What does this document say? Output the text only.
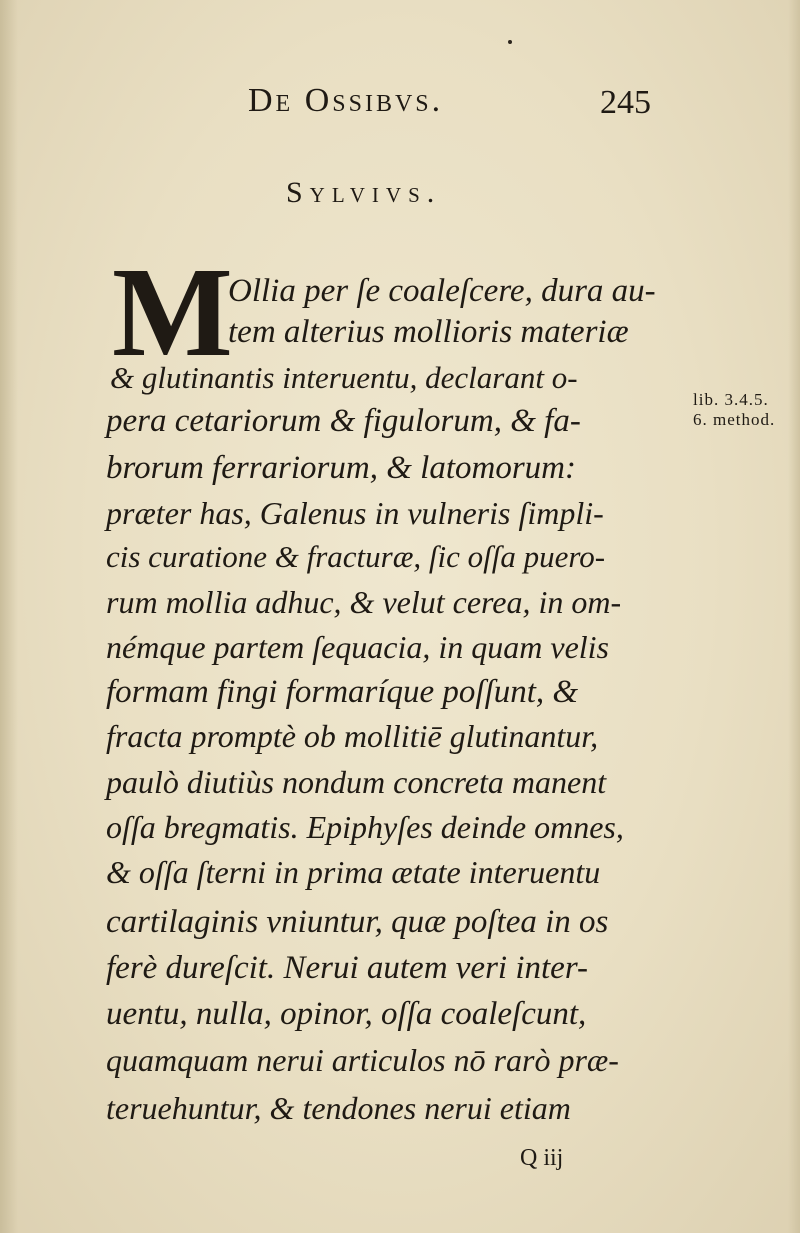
De Ossibvs.	245
Sylvivs.
M
Ollia per ſe coaleſcere, dura au-
tem alterius mollioris materiæ
& glutinantis interuentu, declarant o-
pera cetariorum & figulorum, & fa-
brorum ferrariorum, & latomorum:
præter has, Galenus in vulneris ſimpli-
cis curatione & fracturæ, ſic oſſa puero-
rum mollia adhuc, & velut cerea, in om-
némque partem ſequacia, in quam velis
formam fingi formaríque poſſunt, &
fracta promptè ob mollitiē glutinantur,
paulò diutiùs nondum concreta manent
oſſa bregmatis. Epiphyſes deinde omnes,
& oſſa ſterni in prima ætate interuentu
cartilaginis vniuntur, quæ poſtea in os
ferè dureſcit. Nerui autem veri inter-
uentu, nulla, opinor, oſſa coaleſcunt,
quamquam nerui articulos nō rarò præ-
teruehuntur, & tendones nerui etiam
lib. 3.4.5.
6. method.
Q iij
